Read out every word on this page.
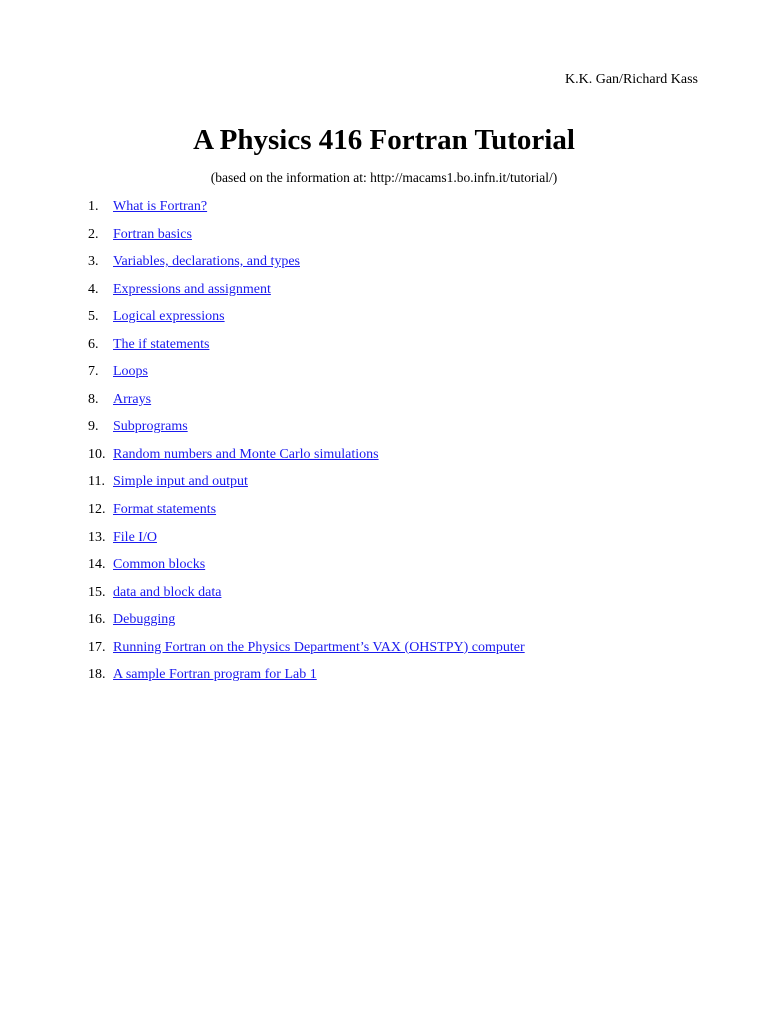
K.K. Gan/Richard Kass
A Physics 416 Fortran Tutorial
(based on the information at: http://macams1.bo.infn.it/tutorial/)
1.	What is Fortran?
2.	Fortran basics
3.	Variables, declarations, and types
4.	Expressions and assignment
5.	Logical expressions
6.	The if statements
7.	Loops
8.	Arrays
9.	Subprograms
10. Random numbers and Monte Carlo simulations
11. Simple input and output
12. Format statements
13. File I/O
14. Common blocks
15. data and block data
16. Debugging
17. Running Fortran on the Physics Department’s VAX (OHSTPY) computer
18. A sample Fortran program for Lab 1
